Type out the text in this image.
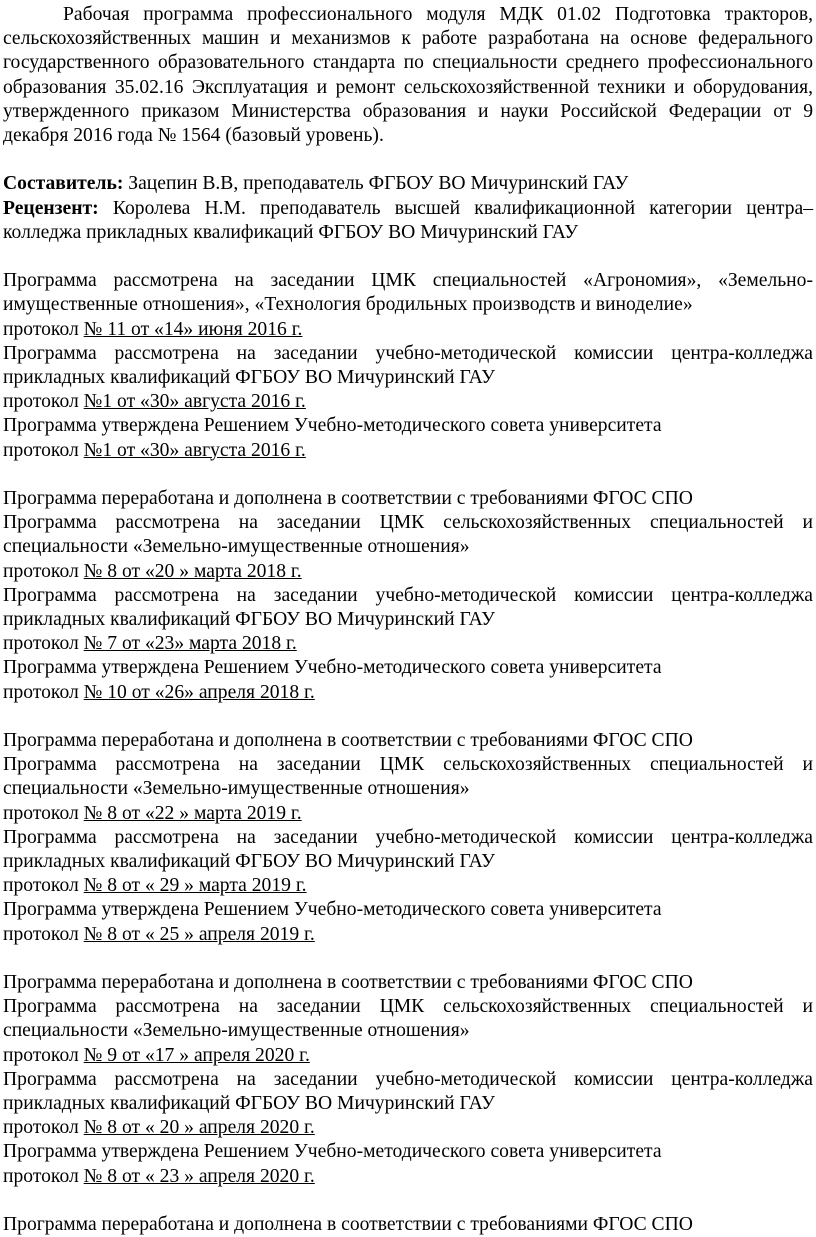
Рабочая программа профессионального модуля МДК 01.02 Подготовка тракторов, сельскохозяйственных машин и механизмов к работе разработана на основе федерального государственного образовательного стандарта по специальности среднего профессионального образования 35.02.16 Эксплуатация и ремонт сельскохозяйственной техники и оборудования, утвержденного приказом Министерства образования и науки Российской Федерации от 9 декабря 2016 года № 1564 (базовый уровень).

Составитель: Зацепин В.В, преподаватель ФГБОУ ВО Мичуринский ГАУ

Рецензент: Королева Н.М. преподаватель высшей квалификационной категории центра–колледжа прикладных квалификаций ФГБОУ ВО Мичуринский ГАУ

Программа рассмотрена на заседании ЦМК специальностей «Агрономия», «Земельно-имущественные отношения», «Технология бродильных производств и виноделие»

протокол № 11 от «14» июня 2016 г.

Программа рассмотрена на заседании учебно-методической комиссии центра-колледжа прикладных квалификаций ФГБОУ ВО Мичуринский ГАУ

протокол №1 от «30» августа 2016 г.

Программа утверждена Решением Учебно-методического совета университета

протокол №1 от «30» августа 2016 г.

Программа переработана и дополнена в соответствии с требованиями ФГОС СПО

Программа рассмотрена на заседании ЦМК сельскохозяйственных специальностей и специальности «Земельно-имущественные отношения»

протокол № 8 от «20 » марта 2018 г.

Программа рассмотрена на заседании учебно-методической комиссии центра-колледжа прикладных квалификаций ФГБОУ ВО Мичуринский ГАУ

протокол № 7 от «23» марта 2018 г.

Программа утверждена Решением Учебно-методического совета университета

протокол № 10 от «26» апреля 2018 г.

Программа переработана и дополнена в соответствии с требованиями ФГОС СПО

Программа рассмотрена на заседании ЦМК сельскохозяйственных специальностей и специальности «Земельно-имущественные отношения»

протокол № 8 от «22 » марта 2019 г.

Программа рассмотрена на заседании учебно-методической комиссии центра-колледжа прикладных квалификаций ФГБОУ ВО Мичуринский ГАУ

протокол № 8 от « 29 » марта 2019 г.

Программа утверждена Решением Учебно-методического совета университета

протокол № 8 от « 25 » апреля 2019 г.

Программа переработана и дополнена в соответствии с требованиями ФГОС СПО

Программа рассмотрена на заседании ЦМК сельскохозяйственных специальностей и специальности «Земельно-имущественные отношения»

протокол № 9 от «17 » апреля 2020 г.

Программа рассмотрена на заседании учебно-методической комиссии центра-колледжа прикладных квалификаций ФГБОУ ВО Мичуринский ГАУ

протокол № 8 от « 20 » апреля 2020 г.

Программа утверждена Решением Учебно-методического совета университета

протокол № 8 от « 23 » апреля 2020 г.

Программа переработана и дополнена в соответствии с требованиями ФГОС СПО
